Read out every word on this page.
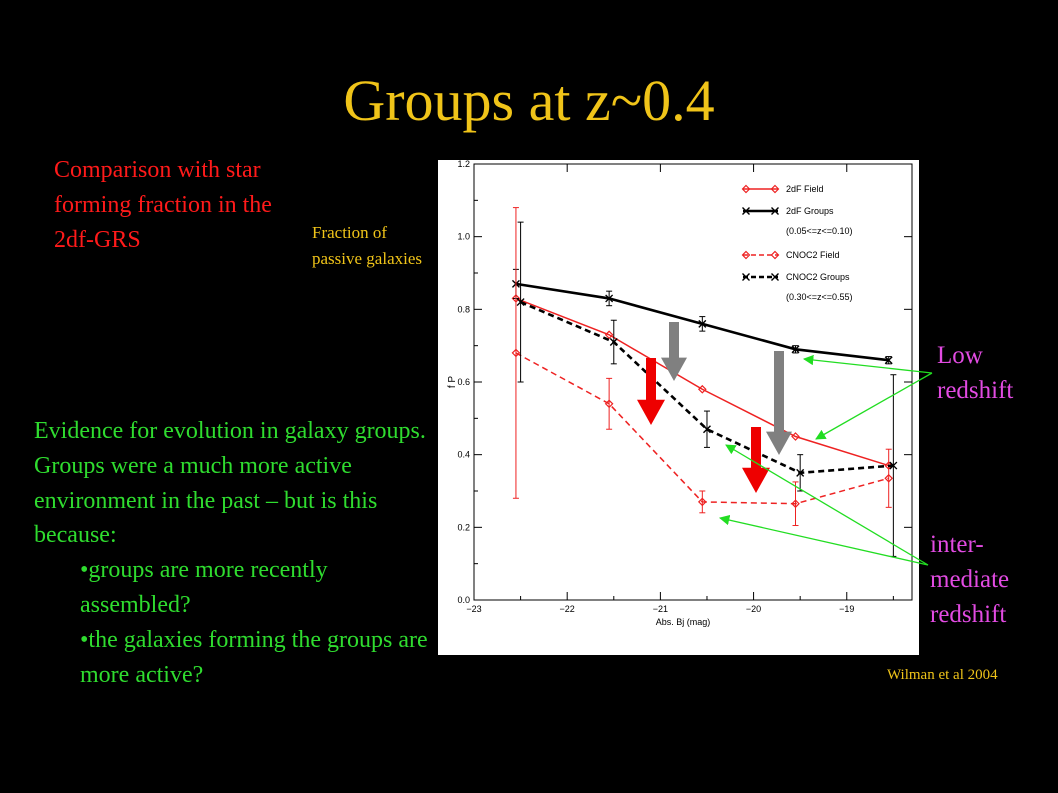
Groups at z~0.4
Comparison with star forming fraction in the 2df-GRS	Fraction of passive galaxies

Evidence for evolution in galaxy groups. Groups were a much more active environment in the past – but is this because:

•groups are more recently assembled?

•the galaxies forming the groups are more active?

Low
redshift
inter-
mediate
redshift
Wilman et al 2004
0.0
0.2
0.4
0.6
0.8
1.0
1.2
−23	−22	−21	−20	−19
Abs. Bj (mag)
f P
2dF Field
2dF Groups
(0.05<=z<=0.10)
CNOC2 Field
CNOC2 Groups
(0.30<=z<=0.55)
